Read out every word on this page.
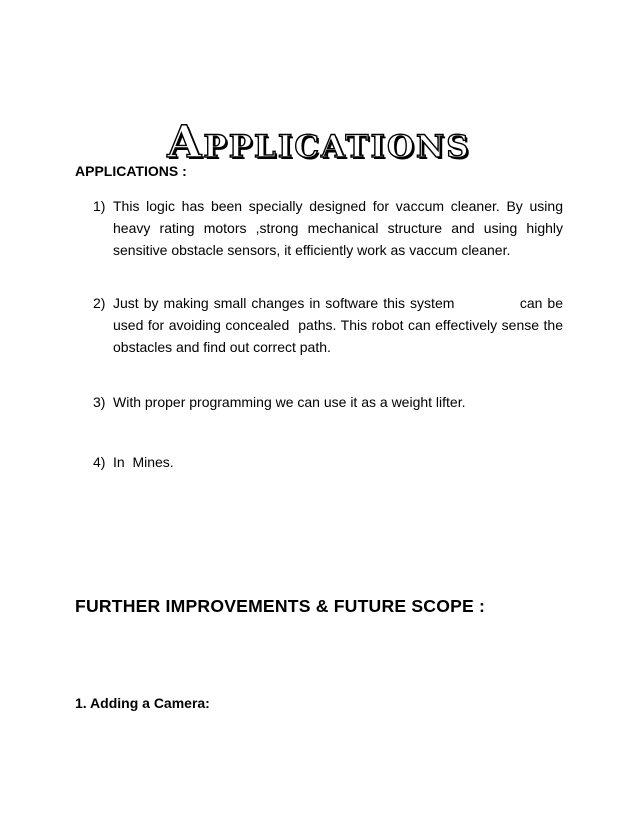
Applications

APPLICATIONS :

1) This logic has been specially designed for vaccum cleaner. By using heavy rating motors ,strong mechanical structure and using highly sensitive obstacle sensors, it efficiently work as vaccum cleaner.
2) Just by making small changes in software this system             can be used for avoiding concealed  paths. This robot can effectively sense the obstacles and find out correct path.
3) With proper programming we can use it as a weight lifter.
4) In  Mines.

FURTHER IMPROVEMENTS & FUTURE SCOPE :

1. Adding a Camera:
